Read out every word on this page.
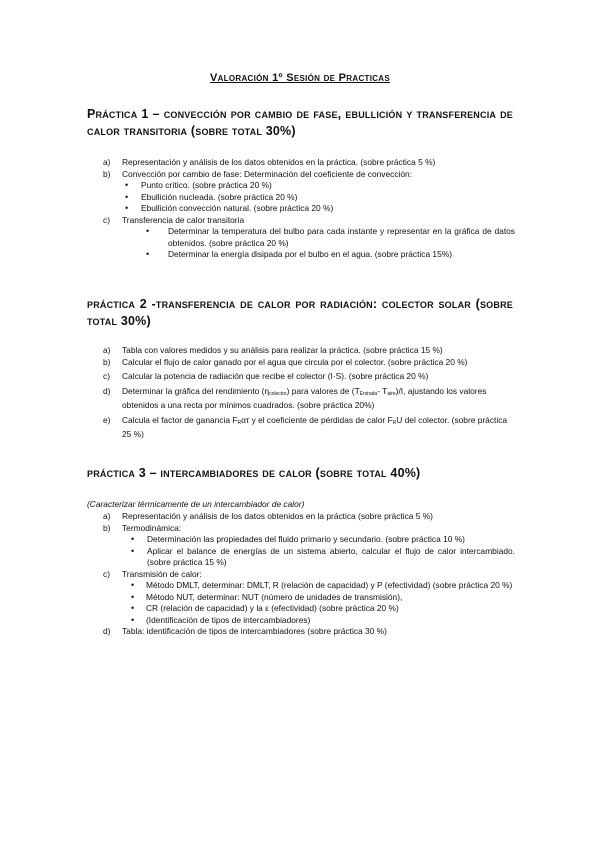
Valoración 1º Sesión de Practicas
Práctica 1 – convección por cambio de fase, ebullición y transferencia de calor transitoria (sobre total 30%)
a) Representación y análisis de los datos obtenidos en la práctica. (sobre práctica 5 %)
b) Convección por cambio de fase: Determinación del coeficiente de convección:
• Punto crítico. (sobre práctica 20 %)
• Ebullición nucleada. (sobre práctica 20 %)
• Ebullición convección natural. (sobre práctica 20 %)
c) Transferencia de calor transitoria
• Determinar la temperatura del bulbo para cada instante y representar en la gráfica de datos obtenidos. (sobre práctica 20 %)
• Determinar la energía disipada por el bulbo en el agua. (sobre práctica 15%)
práctica 2 -transferencia de calor por radiación: colector solar (sobre total 30%)
a) Tabla con valores medidos y su análisis para realizar la práctica. (sobre práctica 15 %)
b) Calcular el flujo de calor ganado por el agua que circula por el colector. (sobre práctica 20 %)
c) Calcular la potencia de radiación que recibe el colector (I·S). (sobre práctica 20 %)
d) Determinar la gráfica del rendimiento $(\eta_{colector})$ para valores de ($T_{Entrada}-$ $T_{aire})/I$, ajustando los valores obtenidos a una recta por mínimos cuadrados. (sobre práctica 20%)
e) Calcula el factor de ganancia $F_R\alpha\tau$ y el coeficiente de pérdidas de calor $F_RU$ del colector. (sobre práctica 25 %)
práctica 3 – intercambiadores de calor (sobre total 40%)
(Caracterizar térmicamente de un intercambiador de calor)
a) Representación y análisis de los datos obtenidos en la práctica (sobre práctica 5 %)
b) Termodinámica:
• Determinación las propiedades del fluido primario y secundario. (sobre práctica 10 %)
• Aplicar el balance de energías de un sistema abierto, calcular el flujo de calor intercambiado. (sobre práctica 15 %)
c) Transmisión de calor:
• Método DMLT, determinar: DMLT, R (relación de capacidad) y P (efectividad) (sobre práctica 20 %)
• Método NUT, determinar: NUT (número de unidades de transmisión),
• CR (relación de capacidad) y la ε (efectividad) (sobre práctica 20 %)
• (Identificación de tipos de intercambiadores)
d) Tabla: identificación de tipos de intercambiadores (sobre práctica 30 %)
